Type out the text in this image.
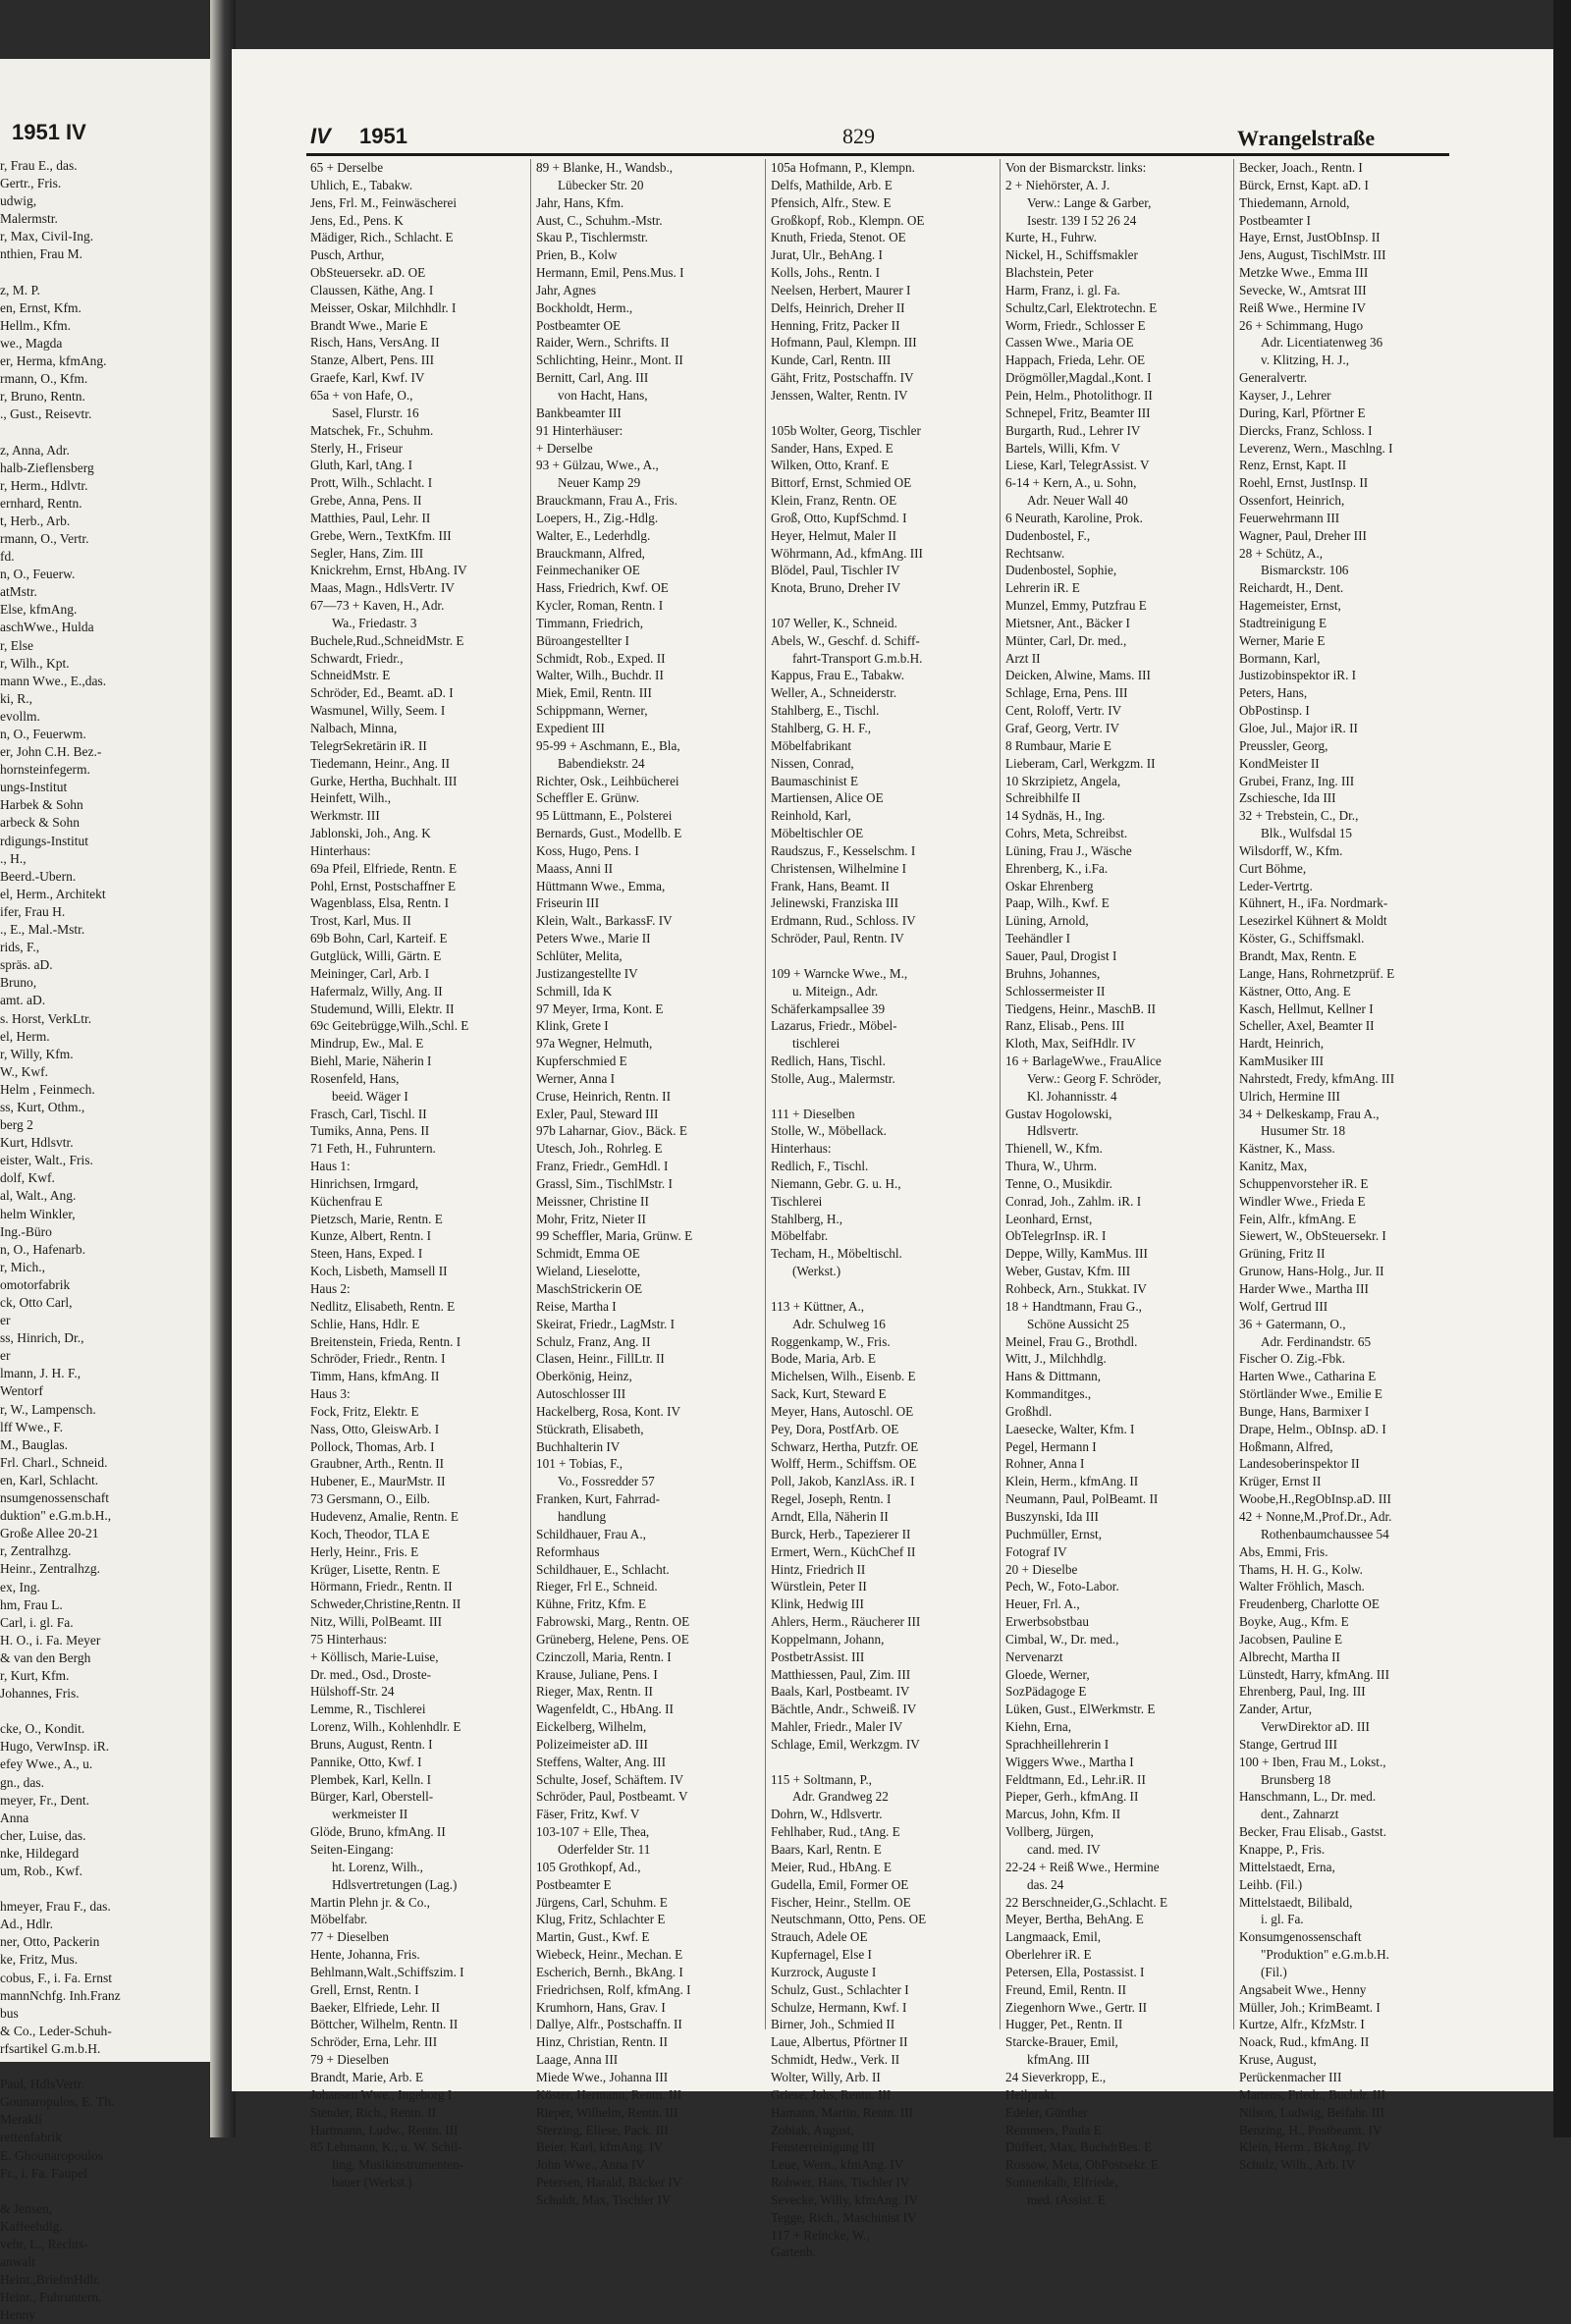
1951 IV
r, Frau E., das.
Gertr., Fris.
udwig,
Malermstr.
r, Max, Civil-Ing.
nthien, Frau M.
z, M. P.
en, Ernst, Kfm.
Hellm., Kfm.
we., Magda
er, Herma, kfmAng.
rmann, O., Kfm.
r, Bruno, Rentn.
., Gust., Reisevtr.
z, Anna, Adr.
halb-Zieflensberg
r, Herm., Hdlvtr.
ernhard, Rentn.
t, Herb., Arb.
rmann, O., Vertr.
fd.
n, O., Feuerw.
atMstr.
Else, kfmAng.
aschWwe., Hulda
r, Else
r, Wilh., Kpt.
mann Wwe., E.,das.
ki, R.,
evollm.
n, O., Feuerwm.
er, John C.H. Bez.-
hornsteinfegerm.
ungs-Institut
Harbek & Sohn
arbeck & Sohn
rdigungs-Institut
., H.,
Beerd.-Ubern.
el, Herm., Architekt
ifer, Frau H.
., E., Mal.-Mstr.
rids, F.,
spräs. aD.
Bruno,
amt. aD.
s. Horst, VerkLtr.
el, Herm.
r, Willy, Kfm.
W., Kwf.
Helm , Feinmech.
ss, Kurt, Othm.,
berg 2
Kurt, Hdlsvtr.
eister, Walt., Fris.
dolf, Kwf.
al, Walt., Ang.
helm Winkler,
Ing.-Büro
n, O., Hafenarb.
r, Mich.,
omotorfabrik
ck, Otto Carl,
er
ss, Hinrich, Dr.,
er
lmann, J. H. F.,
Wentorf
r, W., Lampensch.
lff Wwe., F.
M., Bauglas.
Frl. Charl., Schneid.
en, Karl, Schlacht.
nsumgenossenschaft
duktion" e.G.m.b.H.,
Große Allee 20-21
r, Zentralhzg.
Heinr., Zentralhzg.
ex, Ing.
hm, Frau L.
Carl, i. gl. Fa.
H. O., i. Fa. Meyer
& van den Bergh
r, Kurt, Kfm.
Johannes, Fris.
cke, O., Kondit.
Hugo, VerwInsp. iR.
efey Wwe., A., u.
gn., das.
meyer, Fr., Dent.
Anna
cher, Luise, das.
nke, Hildegard
um, Rob., Kwf.
hmeyer, Frau F., das.
Ad., Hdlr.
ner, Otto, Packerin
ke, Fritz, Mus.
cobus, F., i. Fa. Ernst
mannNchfg. Inh.Franz
bus
& Co., Leder-Schuh-
rfsartikel G.m.b.H.
Paul, HdlsVertr.
Gounaropulos, E. Th.
Meraklí
rettenfabrik
E. Ghounaropoulos
Fr., i. Fa. Faupel
& Jensen,
Kaffeehdlg.
vehr, L., Rechts-
anwalt
Heinr.,BriefmHdlr.
Heinr., Fuhruntern.
Henny
IV 1951	829	Wrangelstraße
65 + Derselbe
Uhlich, E., Tabakw.
Jens, Frl. M., Feinwäscherei
Jens, Ed., Pens. K
Mädiger, Rich., Schlacht. E
Pusch, Arthur,
ObSteuersekr. aD. OE
Claussen, Käthe, Ang. I
Meisser, Oskar, Milchhdlr. I
Brandt Wwe., Marie E
Risch, Hans, VersAng. II
Stanze, Albert, Pens. III
Graefe, Karl, Kwf. IV
65a + von Hafe, O.,
Sasel, Flurstr. 16
Matschek, Fr., Schuhm.
Sterly, H., Friseur
Gluth, Karl, tAng. I
Prott, Wilh., Schlacht. I
Grebe, Anna, Pens. II
Matthies, Paul, Lehr. II
Grebe, Wern., TextKfm. III
Segler, Hans, Zim. III
Knickrehm, Ernst, HbAng. IV
Maas, Magn., HdlsVertr. IV
67—73 + Kaven, H., Adr.
Wa., Friedastr. 3
Buchele,Rud.,SchneidMstr. E
Schwardt, Friedr.,
SchneidMstr. E
Schröder, Ed., Beamt. aD. I
Wasmunel, Willy, Seem. I
Nalbach, Minna,
TelegrSekretärin iR. II
Tiedemann, Heinr., Ang. II
Gurke, Hertha, Buchhalt. III
Heinfett, Wilh.,
Werkmstr. III
Jablonski, Joh., Ang. K
Hinterhaus:
69a Pfeil, Elfriede, Rentn. E
Pohl, Ernst, Postschaffner E
Wagenblass, Elsa, Rentn. I
Trost, Karl, Mus. II
69b Bohn, Carl, Karteif. E
Gutglück, Willi, Gärtn. E
Meininger, Carl, Arb. I
Hafermalz, Willy, Ang. II
Studemund, Willi, Elektr. II
69c Geitebrügge,Wilh.,Schl. E
Mindrup, Ew., Mal. E
Biehl, Marie, Näherin I
Rosenfeld, Hans,
beeid. Wäger I
Frasch, Carl, Tischl. II
Tumiks, Anna, Pens. II
71 Feth, H., Fuhruntern.
Haus 1:
Hinrichsen, Irmgard,
Küchenfrau E
Pietzsch, Marie, Rentn. E
Kunze, Albert, Rentn. I
Steen, Hans, Exped. I
Koch, Lisbeth, Mamsell II
Haus 2:
Nedlitz, Elisabeth, Rentn. E
Schlie, Hans, Hdlr. E
Breitenstein, Frieda, Rentn. I
Schröder, Friedr., Rentn. I
Timm, Hans, kfmAng. II
Haus 3:
Fock, Fritz, Elektr. E
Nass, Otto, GleiswArb. I
Pollock, Thomas, Arb. I
Graubner, Arth., Rentn. II
Hubener, E., MaurMstr. II
73 Gersmann, O., Eilb.
Hudevenz, Amalie, Rentn. E
Koch, Theodor, TLA E
Herly, Heinr., Fris. E
Krüger, Lisette, Rentn. E
Hörmann, Friedr., Rentn. II
Schweder,Christine,Rentn. II
Nitz, Willi, PolBeamt. III
75 Hinterhaus:
+ Köllisch, Marie-Luise,
Dr. med., Osd., Droste-
Hülshoff-Str. 24
Lemme, R., Tischlerei
Lorenz, Wilh., Kohlenhdlr. E
Bruns, August, Rentn. I
Pannike, Otto, Kwf. I
Plembek, Karl, Kelln. I
Bürger, Karl, Oberstell-
werkmeister II
Glöde, Bruno, kfmAng. II
Seiten-Eingang:
ht. Lorenz, Wilh.,
Hdlsvertretungen (Lag.)
Martin Plehn jr. & Co.,
Möbelfabr.
77 + Dieselben
Hente, Johanna, Fris.
Behlmann,Walt.,Schiffszim. I
Grell, Ernst, Rentn. I
Baeker, Elfriede, Lehr. II
Böttcher, Wilhelm, Rentn. II
Schröder, Erna, Lehr. III
79 + Dieselben
Brandt, Marie, Arb. E
Johansen Wwe., Ingeborg I
Stender, Rich., Rentn. II
Hartmann, Ludw., Rentn. III
85 Lehmann, K., u. W. Schil-
ling, Musikinstrumenten-
bauer (Werkst.)
89 + Blanke, H., Wandsb.,
Lübecker Str. 20
Jahr, Hans, Kfm.
Aust, C., Schuhm.-Mstr.
Skau P., Tischlermstr.
Prien, B., Kolw
Hermann, Emil, Pens.Mus. I
Jahr, Agnes
Bockholdt, Herm.,
Postbeamter OE
Raider, Wern., Schrifts. II
Schlichting, Heinr., Mont. II
Bernitt, Carl, Ang. III
von Hacht, Hans,
Bankbeamter III
91 Hinterhäuser:
+ Derselbe
93 + Gülzau, Wwe., A.,
Neuer Kamp 29
Brauckmann, Frau A., Fris.
Loepers, H., Zig.-Hdlg.
Walter, E., Lederhdlg.
Brauckmann, Alfred,
Feinmechaniker OE
Hass, Friedrich, Kwf. OE
Kycler, Roman, Rentn. I
Timmann, Friedrich,
Büroangestellter I
Schmidt, Rob., Exped. II
Walter, Wilh., Buchdr. II
Miek, Emil, Rentn. III
Schippmann, Werner,
Expedient III
95-99 + Aschmann, E., Bla,
Babendiekstr. 24
Richter, Osk., Leihbücherei
Scheffler E. Grünw.
95 Lüttmann, E., Polsterei
Bernards, Gust., Modellb. E
Koss, Hugo, Pens. I
Maass, Anni II
Hüttmann Wwe., Emma,
Friseurin III
Klein, Walt., BarkassF. IV
Peters Wwe., Marie II
Schlüter, Melita,
Justizangestellte IV
Schmill, Ida K
97 Meyer, Irma, Kont. E
Klink, Grete I
97a Wegner, Helmuth,
Kupferschmied E
Werner, Anna I
Cruse, Heinrich, Rentn. II
Exler, Paul, Steward III
97b Laharnar, Giov., Bäck. E
Utesch, Joh., Rohrleg. E
Franz, Friedr., GemHdl. I
Grassl, Sim., TischlMstr. I
Meissner, Christine II
Mohr, Fritz, Nieter II
99 Scheffler, Maria, Grünw. E
Schmidt, Emma OE
Wieland, Lieselotte,
MaschStrickerin OE
Reise, Martha I
Skeirat, Friedr., LagMstr. I
Schulz, Franz, Ang. II
Clasen, Heinr., FillLtr. II
Oberkönig, Heinz,
Autoschlosser III
Hackelberg, Rosa, Kont. IV
Stückrath, Elisabeth,
Buchhalterin IV
101 + Tobias, F.,
Vo., Fossredder 57
Franken, Kurt, Fahrrad-
handlung
Schildhauer, Frau A.,
Reformhaus
Schildhauer, E., Schlacht.
Rieger, Frl E., Schneid.
Kühne, Fritz, Kfm. E
Fabrowski, Marg., Rentn. OE
Grüneberg, Helene, Pens. OE
Czinczoll, Maria, Rentn. I
Krause, Juliane, Pens. I
Rieger, Max, Rentn. II
Wagenfeldt, C., HbAng. II
Eickelberg, Wilhelm,
Polizeimeister aD. III
Steffens, Walter, Ang. III
Schulte, Josef, Schäftem. IV
Schröder, Paul, Postbeamt. V
Fäser, Fritz, Kwf. V
103-107 + Elle, Thea,
Oderfelder Str. 11
105 Grothkopf, Ad.,
Postbeamter E
Jürgens, Carl, Schuhm. E
Klug, Fritz, Schlachter E
Martin, Gust., Kwf. E
Wiebeck, Heinr., Mechan. E
Escherich, Bernh., BkAng. I
Friedrichsen, Rolf, kfmAng. I
Krumhorn, Hans, Grav. I
Dallye, Alfr., Postschaffn. II
Hinz, Christian, Rentn. II
Laage, Anna III
Miede Wwe., Johanna III
Köster, Hermann, Rentn. III
Rieper, Wilhelm, Rentn. III
Sterzing, Eliese, Pack. III
Beier, Karl, kfmAng. IV
John Wwe., Anna IV
Petersen, Harald, Bäcker IV
Schuldt, Max, Tischler IV
105a Hofmann, P., Klempn.
Delfs, Mathilde, Arb. E
Pfensich, Alfr., Stew. E
Großkopf, Rob., Klempn. OE
Knuth, Frieda, Stenot. OE
Jurat, Ulr., BehAng. I
Kolls, Johs., Rentn. I
Neelsen, Herbert, Maurer I
Delfs, Heinrich, Dreher II
Henning, Fritz, Packer II
Hofmann, Paul, Klempn. III
Kunde, Carl, Rentn. III
Gäht, Fritz, Postschaffn. IV
Jenssen, Walter, Rentn. IV
105b Wolter, Georg, Tischler
Sander, Hans, Exped. E
Wilken, Otto, Kranf. E
Bittorf, Ernst, Schmied OE
Klein, Franz, Rentn. OE
Groß, Otto, KupfSchmd. I
Heyer, Helmut, Maler II
Wöhrmann, Ad., kfmAng. III
Blödel, Paul, Tischler IV
Knota, Bruno, Dreher IV
107 Weller, K., Schneid.
Abels, W., Geschf. d. Schiff-
fahrt-Transport G.m.b.H.
Kappus, Frau E., Tabakw.
Weller, A., Schneiderstr.
Stahlberg, E., Tischl.
Stahlberg, G. H. F.,
Möbelfabrikant
Nissen, Conrad,
Baumaschinist E
Martiensen, Alice OE
Reinhold, Karl,
Möbeltischler OE
Raudszus, F., Kesselschm. I
Christensen, Wilhelmine I
Frank, Hans, Beamt. II
Jelinewski, Franziska III
Erdmann, Rud., Schloss. IV
Schröder, Paul, Rentn. IV
109 + Warncke Wwe., M.,
u. Miteign., Adr.
Schäferkampsallee 39
Lazarus, Friedr., Möbel-
tischlerei
Redlich, Hans, Tischl.
Stolle, Aug., Malermstr.
111 + Dieselben
Stolle, W., Möbellack.
Hinterhaus:
Redlich, F., Tischl.
Niemann, Gebr. G. u. H.,
Tischlerei
Stahlberg, H.,
Möbelfabr.
Techam, H., Möbeltischl.
(Werkst.)
113 + Küttner, A.,
Adr. Schulweg 16
Roggenkamp, W., Fris.
Bode, Maria, Arb. E
Michelsen, Wilh., Eisenb. E
Sack, Kurt, Steward E
Meyer, Hans, Autoschl. OE
Pey, Dora, PostfArb. OE
Schwarz, Hertha, Putzfr. OE
Wolff, Herm., Schiffsm. OE
Poll, Jakob, KanzlAss. iR. I
Regel, Joseph, Rentn. I
Arndt, Ella, Näherin II
Burck, Herb., Tapezierer II
Ermert, Wern., KüchChef II
Hintz, Friedrich II
Würstlein, Peter II
Klink, Hedwig III
Ahlers, Herm., Räucherer III
Koppelmann, Johann,
PostbetrAssist. III
Matthiessen, Paul, Zim. III
Baals, Karl, Postbeamt. IV
Bächtle, Andr., Schweiß. IV
Mahler, Friedr., Maler IV
Schlage, Emil, Werkzgm. IV
115 + Soltmann, P.,
Adr. Grandweg 22
Dohrn, W., Hdlsvertr.
Fehlhaber, Rud., tAng. E
Baars, Karl, Rentn. E
Meier, Rud., HbAng. E
Gudella, Emil, Former OE
Fischer, Heinr., Stellm. OE
Neutschmann, Otto, Pens. OE
Strauch, Adele OE
Kupfernagel, Else I
Kurzrock, Auguste I
Schulz, Gust., Schlachter I
Schulze, Hermann, Kwf. I
Birner, Joh., Schmied II
Laue, Albertus, Pförtner II
Schmidt, Hedw., Verk. II
Wolter, Willy, Arb. II
Griese, Johs, Rentn. III
Hamann, Martin, Rentn. III
Zobiak, August,
Fensterreinigung III
Leue, Wern., kfmAng. IV
Rohwer, Hans, Tischler IV
Sevecke, Willy, kfmAng. IV
Tegge, Rich., Maschinist IV
117 + Reincke, W.,
Gartenb.
Von der Bismarckstr. links:
2 + Niehörster, A. J.
Verw.: Lange & Garber,
Isestr. 139 I 52 26 24
Kurte, H., Fuhrw.
Nickel, H., Schiffsmakler
Blachstein, Peter
Harm, Franz, i. gl. Fa.
Schultz,Carl, Elektrotechn. E
Worm, Friedr., Schlosser E
Cassen Wwe., Maria OE
Happach, Frieda, Lehr. OE
Drögmöller,Magdal.,Kont. I
Pein, Helm., Photolithogr. II
Schnepel, Fritz, Beamter III
Burgarth, Rud., Lehrer IV
Bartels, Willi, Kfm. V
Liese, Karl, TelegrAssist. V
6-14 + Kern, A., u. Sohn,
Adr. Neuer Wall 40
6 Neurath, Karoline, Prok.
Dudenbostel, F.,
Rechtsanw.
Dudenbostel, Sophie,
Lehrerin iR. E
Munzel, Emmy, Putzfrau E
Mietsner, Ant., Bäcker I
Münter, Carl, Dr. med.,
Arzt II
Deicken, Alwine, Mams. III
Schlage, Erna, Pens. III
Cent, Roloff, Vertr. IV
Graf, Georg, Vertr. IV
8 Rumbaur, Marie E
Lieberam, Carl, Werkgzm. II
10 Skrzipietz, Angela,
Schreibhilfe II
14 Sydnäs, H., Ing.
Cohrs, Meta, Schreibst.
Lüning, Frau J., Wäsche
Ehrenberg, K., i.Fa.
Oskar Ehrenberg
Paap, Wilh., Kwf. E
Lüning, Arnold,
Teehändler I
Sauer, Paul, Drogist I
Bruhns, Johannes,
Schlossermeister II
Tiedgens, Heinr., MaschB. II
Ranz, Elisab., Pens. III
Kloth, Max, SeifHdlr. IV
16 + BarlageWwe., FrauAlice
Verw.: Georg F. Schröder,
Kl. Johannisstr. 4
Gustav Hogolowski,
Hdlsvertr.
Thienell, W., Kfm.
Thura, W., Uhrm.
Tenne, O., Musikdir.
Conrad, Joh., Zahlm. iR. I
Leonhard, Ernst,
ObTelegrInsp. iR. I
Deppe, Willy, KamMus. III
Weber, Gustav, Kfm. III
Rohbeck, Arn., Stukkat. IV
18 + Handtmann, Frau G.,
Schöne Aussicht 25
Meinel, Frau G., Brothdl.
Witt, J., Milchhdlg.
Hans & Dittmann,
Kommanditges.,
Großhdl.
Laesecke, Walter, Kfm. I
Pegel, Hermann I
Rohner, Anna I
Klein, Herm., kfmAng. II
Neumann, Paul, PolBeamt. II
Buszynski, Ida III
Puchmüller, Ernst,
Fotograf IV
20 + Dieselbe
Pech, W., Foto-Labor.
Heuer, Frl. A.,
Erwerbsobstbau
Cimbal, W., Dr. med.,
Nervenarzt
Gloede, Werner,
SozPädagoge E
Lüken, Gust., ElWerkmstr. E
Kiehn, Erna,
Sprachheillehrerin I
Wiggers Wwe., Martha I
Feldtmann, Ed., Lehr.iR. II
Pieper, Gerh., kfmAng. II
Marcus, John, Kfm. II
Vollberg, Jürgen,
cand. med. IV
22-24 + Reiß Wwe., Hermine
das. 24
22 Berschneider,G.,Schlacht. E
Meyer, Bertha, BehAng. E
Langmaack, Emil,
Oberlehrer iR. E
Petersen, Ella, Postassist. I
Freund, Emil, Rentn. II
Ziegenhorn Wwe., Gertr. II
Hugger, Pet., Rentn. II
Starcke-Brauer, Emil,
kfmAng. III
24 Sieverkropp, E.,
Heilprakt.
Edeler, Günther
Remmers, Paula E
Düffert, Max, BuchdrBes. E
Rossow, Meta, ObPostsekr. E
Sonnenkalb, Elfriede,
med. tAssist. E
Becker, Joach., Rentn. I
Bürck, Ernst, Kapt. aD. I
Thiedemann, Arnold,
Postbeamter I
Haye, Ernst, JustObInsp. II
Jens, August, TischlMstr. III
Metzke Wwe., Emma III
Sevecke, W., Amtsrat III
Reiß Wwe., Hermine IV
26 + Schimmang, Hugo
Adr. Licentiatenweg 36
v. Klitzing, H. J.,
Generalvertr.
Kayser, J., Lehrer
During, Karl, Pförtner E
Diercks, Franz, Schloss. I
Leverenz, Wern., Maschlng. I
Renz, Ernst, Kapt. II
Roehl, Ernst, JustInsp. II
Ossenfort, Heinrich,
Feuerwehrmann III
Wagner, Paul, Dreher III
28 + Schütz, A.,
Bismarckstr. 106
Reichardt, H., Dent.
Hagemeister, Ernst,
Stadtreinigung E
Werner, Marie E
Bormann, Karl,
Justizobinspektor iR. I
Peters, Hans,
ObPostinsp. I
Gloe, Jul., Major iR. II
Preussler, Georg,
KondMeister II
Grubei, Franz, Ing. III
Zschiesche, Ida III
32 + Trebstein, C., Dr.,
Blk., Wulfsdal 15
Wilsdorff, W., Kfm.
Curt Böhme,
Leder-Vertrtg.
Kühnert, H., iFa. Nordmark-
Lesezirkel Kühnert & Moldt
Köster, G., Schiffsmakl.
Brandt, Max, Rentn. E
Lange, Hans, Rohrnetzprüf. E
Kästner, Otto, Ang. E
Kasch, Hellmut, Kellner I
Scheller, Axel, Beamter II
Hardt, Heinrich,
KamMusiker III
Nahrstedt, Fredy, kfmAng. III
Ulrich, Hermine III
34 + Delkeskamp, Frau A.,
Husumer Str. 18
Kästner, K., Mass.
Kanitz, Max,
Schuppenvorsteher iR. E
Windler Wwe., Frieda E
Fein, Alfr., kfmAng. E
Siewert, W., ObSteuersekr. I
Grüning, Fritz II
Grunow, Hans-Holg., Jur. II
Harder Wwe., Martha III
Wolf, Gertrud III
36 + Gatermann, O.,
Adr. Ferdinandstr. 65
Fischer O. Zig.-Fbk.
Harten Wwe., Catharina E
Störtländer Wwe., Emilie E
Bunge, Hans, Barmixer I
Drape, Helm., ObInsp. aD. I
Hoßmann, Alfred,
Landesoberinspektor II
Krüger, Ernst II
Woobe,H.,RegObInsp.aD. III
42 + Nonne,M.,Prof.Dr., Adr.
Rothenbaumchaussee 54
Abs, Emmi, Fris.
Thams, H. H. G., Kolw.
Walter Fröhlich, Masch.
Freudenberg, Charlotte OE
Boyke, Aug., Kfm. E
Jacobsen, Pauline E
Albrecht, Martha II
Lünstedt, Harry, kfmAng. III
Ehrenberg, Paul, Ing. III
Zander, Artur,
VerwDirektor aD. III
Stange, Gertrud III
100 + Iben, Frau M., Lokst.,
Brunsberg 18
Hanschmann, L., Dr. med.
dent., Zahnarzt
Becker, Frau Elisab., Gastst.
Knappe, P., Fris.
Mittelstaedt, Erna,
Leihb. (Fil.)
Mittelstaedt, Bilibald,
i. gl. Fa.
Konsumgenossenschaft
"Produktion" e.G.m.b.H.
(Fil.)
Angsabeit Wwe., Henny
Müller, Joh.; KrimBeamt. I
Kurtze, Alfr., KfzMstr. I
Noack, Rud., kfmAng. II
Kruse, August,
Perückenmacher III
Martens, Friedr., Buchdr. III
Nilson, Ludwig, Beifahr. III
Benzing, H., Postbeamt. IV
Klein, Herm., BkAng. IV
Schulz, Wilh., Arb. IV
